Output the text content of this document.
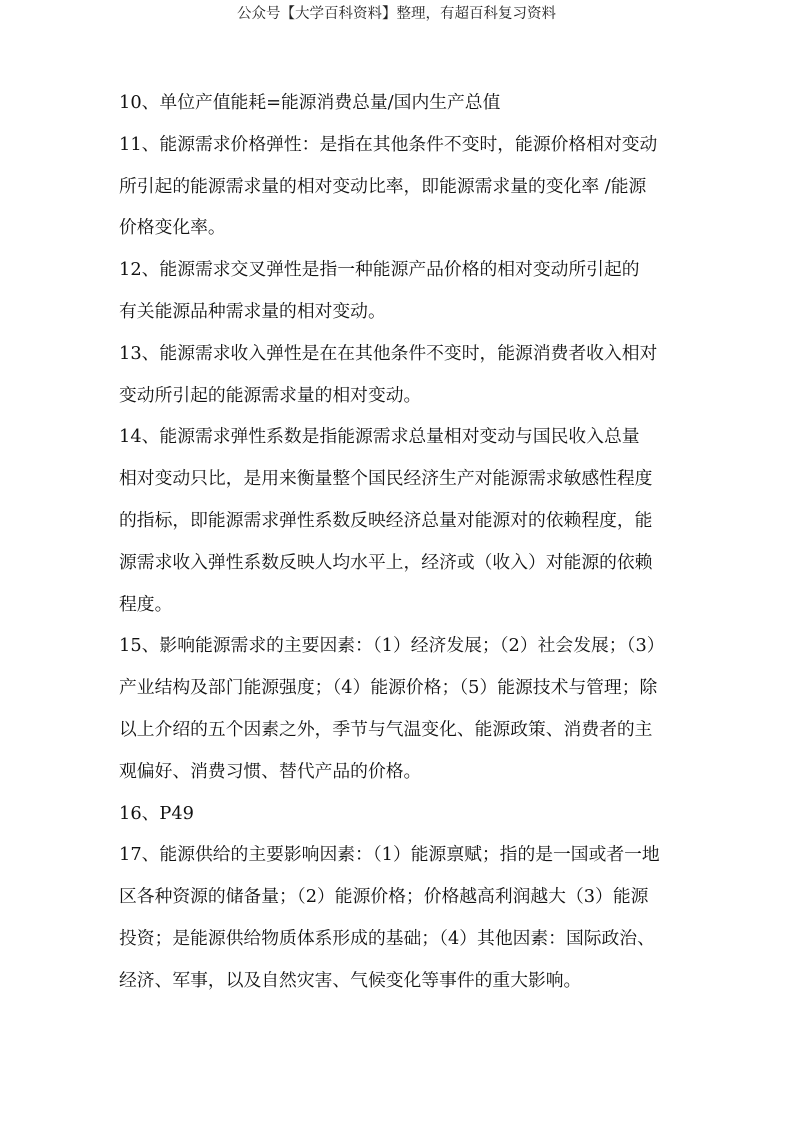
公众号【大学百科资料】整理，有超百科复习资料
10、单位产值能耗=能源消费总量/国内生产总值
11、能源需求价格弹性：是指在其他条件不变时，能源价格相对变动
所引起的能源需求量的相对变动比率，即能源需求量的变化率 /能源
价格变化率。
12、能源需求交叉弹性是指一种能源产品价格的相对变动所引起的
有关能源品种需求量的相对变动。
13、能源需求收入弹性是在在其他条件不变时，能源消费者收入相对
变动所引起的能源需求量的相对变动。
14、能源需求弹性系数是指能源需求总量相对变动与国民收入总量
相对变动只比，是用来衡量整个国民经济生产对能源需求敏感性程度
的指标，即能源需求弹性系数反映经济总量对能源对的依赖程度，能
源需求收入弹性系数反映人均水平上，经济或（收入）对能源的依赖
程度。
15、影响能源需求的主要因素：（1）经济发展；（2）社会发展；（3）
产业结构及部门能源强度；（4）能源价格；（5）能源技术与管理；除
以上介绍的五个因素之外，季节与气温变化、能源政策、消费者的主
观偏好、消费习惯、替代产品的价格。
16、P49
17、能源供给的主要影响因素：（1）能源禀赋；指的是一国或者一地
区各种资源的储备量；（2）能源价格；价格越高利润越大（3）能源
投资；是能源供给物质体系形成的基础；（4）其他因素：国际政治、
经济、军事，以及自然灾害、气候变化等事件的重大影响。
